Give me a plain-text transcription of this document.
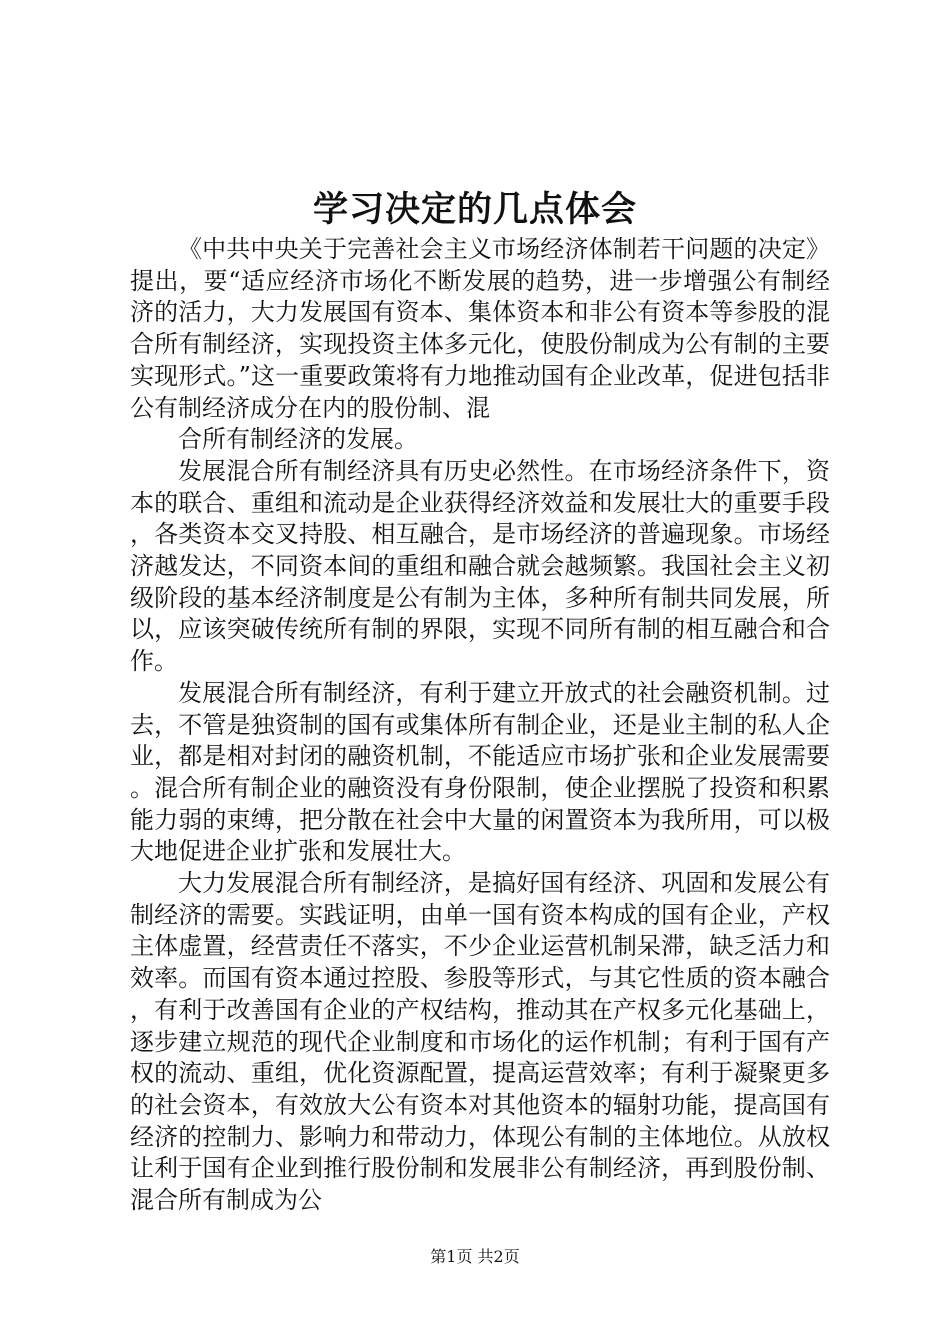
学习决定的几点体会

《中共中央关于完善社会主义市场经济体制若干问题的决定》提出，要“适应经济市场化不断发展的趋势，进一步增强公有制经济的活力，大力发展国有资本、集体资本和非公有资本等参股的混合所有制经济，实现投资主体多元化，使股份制成为公有制的主要实现形式。”这一重要政策将有力地推动国有企业改革，促进包括非公有制经济成分在内的股份制、混

合所有制经济的发展。

发展混合所有制经济具有历史必然性。在市场经济条件下，资本的联合、重组和流动是企业获得经济效益和发展壮大的重要手段，各类资本交叉持股、相互融合，是市场经济的普遍现象。市场经济越发达，不同资本间的重组和融合就会越频繁。我国社会主义初级阶段的基本经济制度是公有制为主体，多种所有制共同发展，所以，应该突破传统所有制的界限，实现不同所有制的相互融合和合作。

发展混合所有制经济，有利于建立开放式的社会融资机制。过去，不管是独资制的国有或集体所有制企业，还是业主制的私人企业，都是相对封闭的融资机制，不能适应市场扩张和企业发展需要。混合所有制企业的融资没有身份限制，使企业摆脱了投资和积累能力弱的束缚，把分散在社会中大量的闲置资本为我所用，可以极大地促进企业扩张和发展壮大。

大力发展混合所有制经济，是搞好国有经济、巩固和发展公有制经济的需要。实践证明，由单一国有资本构成的国有企业，产权主体虚置，经营责任不落实，不少企业运营机制呆滞，缺乏活力和效率。而国有资本通过控股、参股等形式，与其它性质的资本融合，有利于改善国有企业的产权结构，推动其在产权多元化基础上，逐步建立规范的现代企业制度和市场化的运作机制；有利于国有产权的流动、重组，优化资源配置，提高运营效率；有利于凝聚更多的社会资本，有效放大公有资本对其他资本的辐射功能，提高国有经济的控制力、影响力和带动力，体现公有制的主体地位。从放权让利于国有企业到推行股份制和发展非公有制经济，再到股份制、混合所有制成为公

第1页 共2页
